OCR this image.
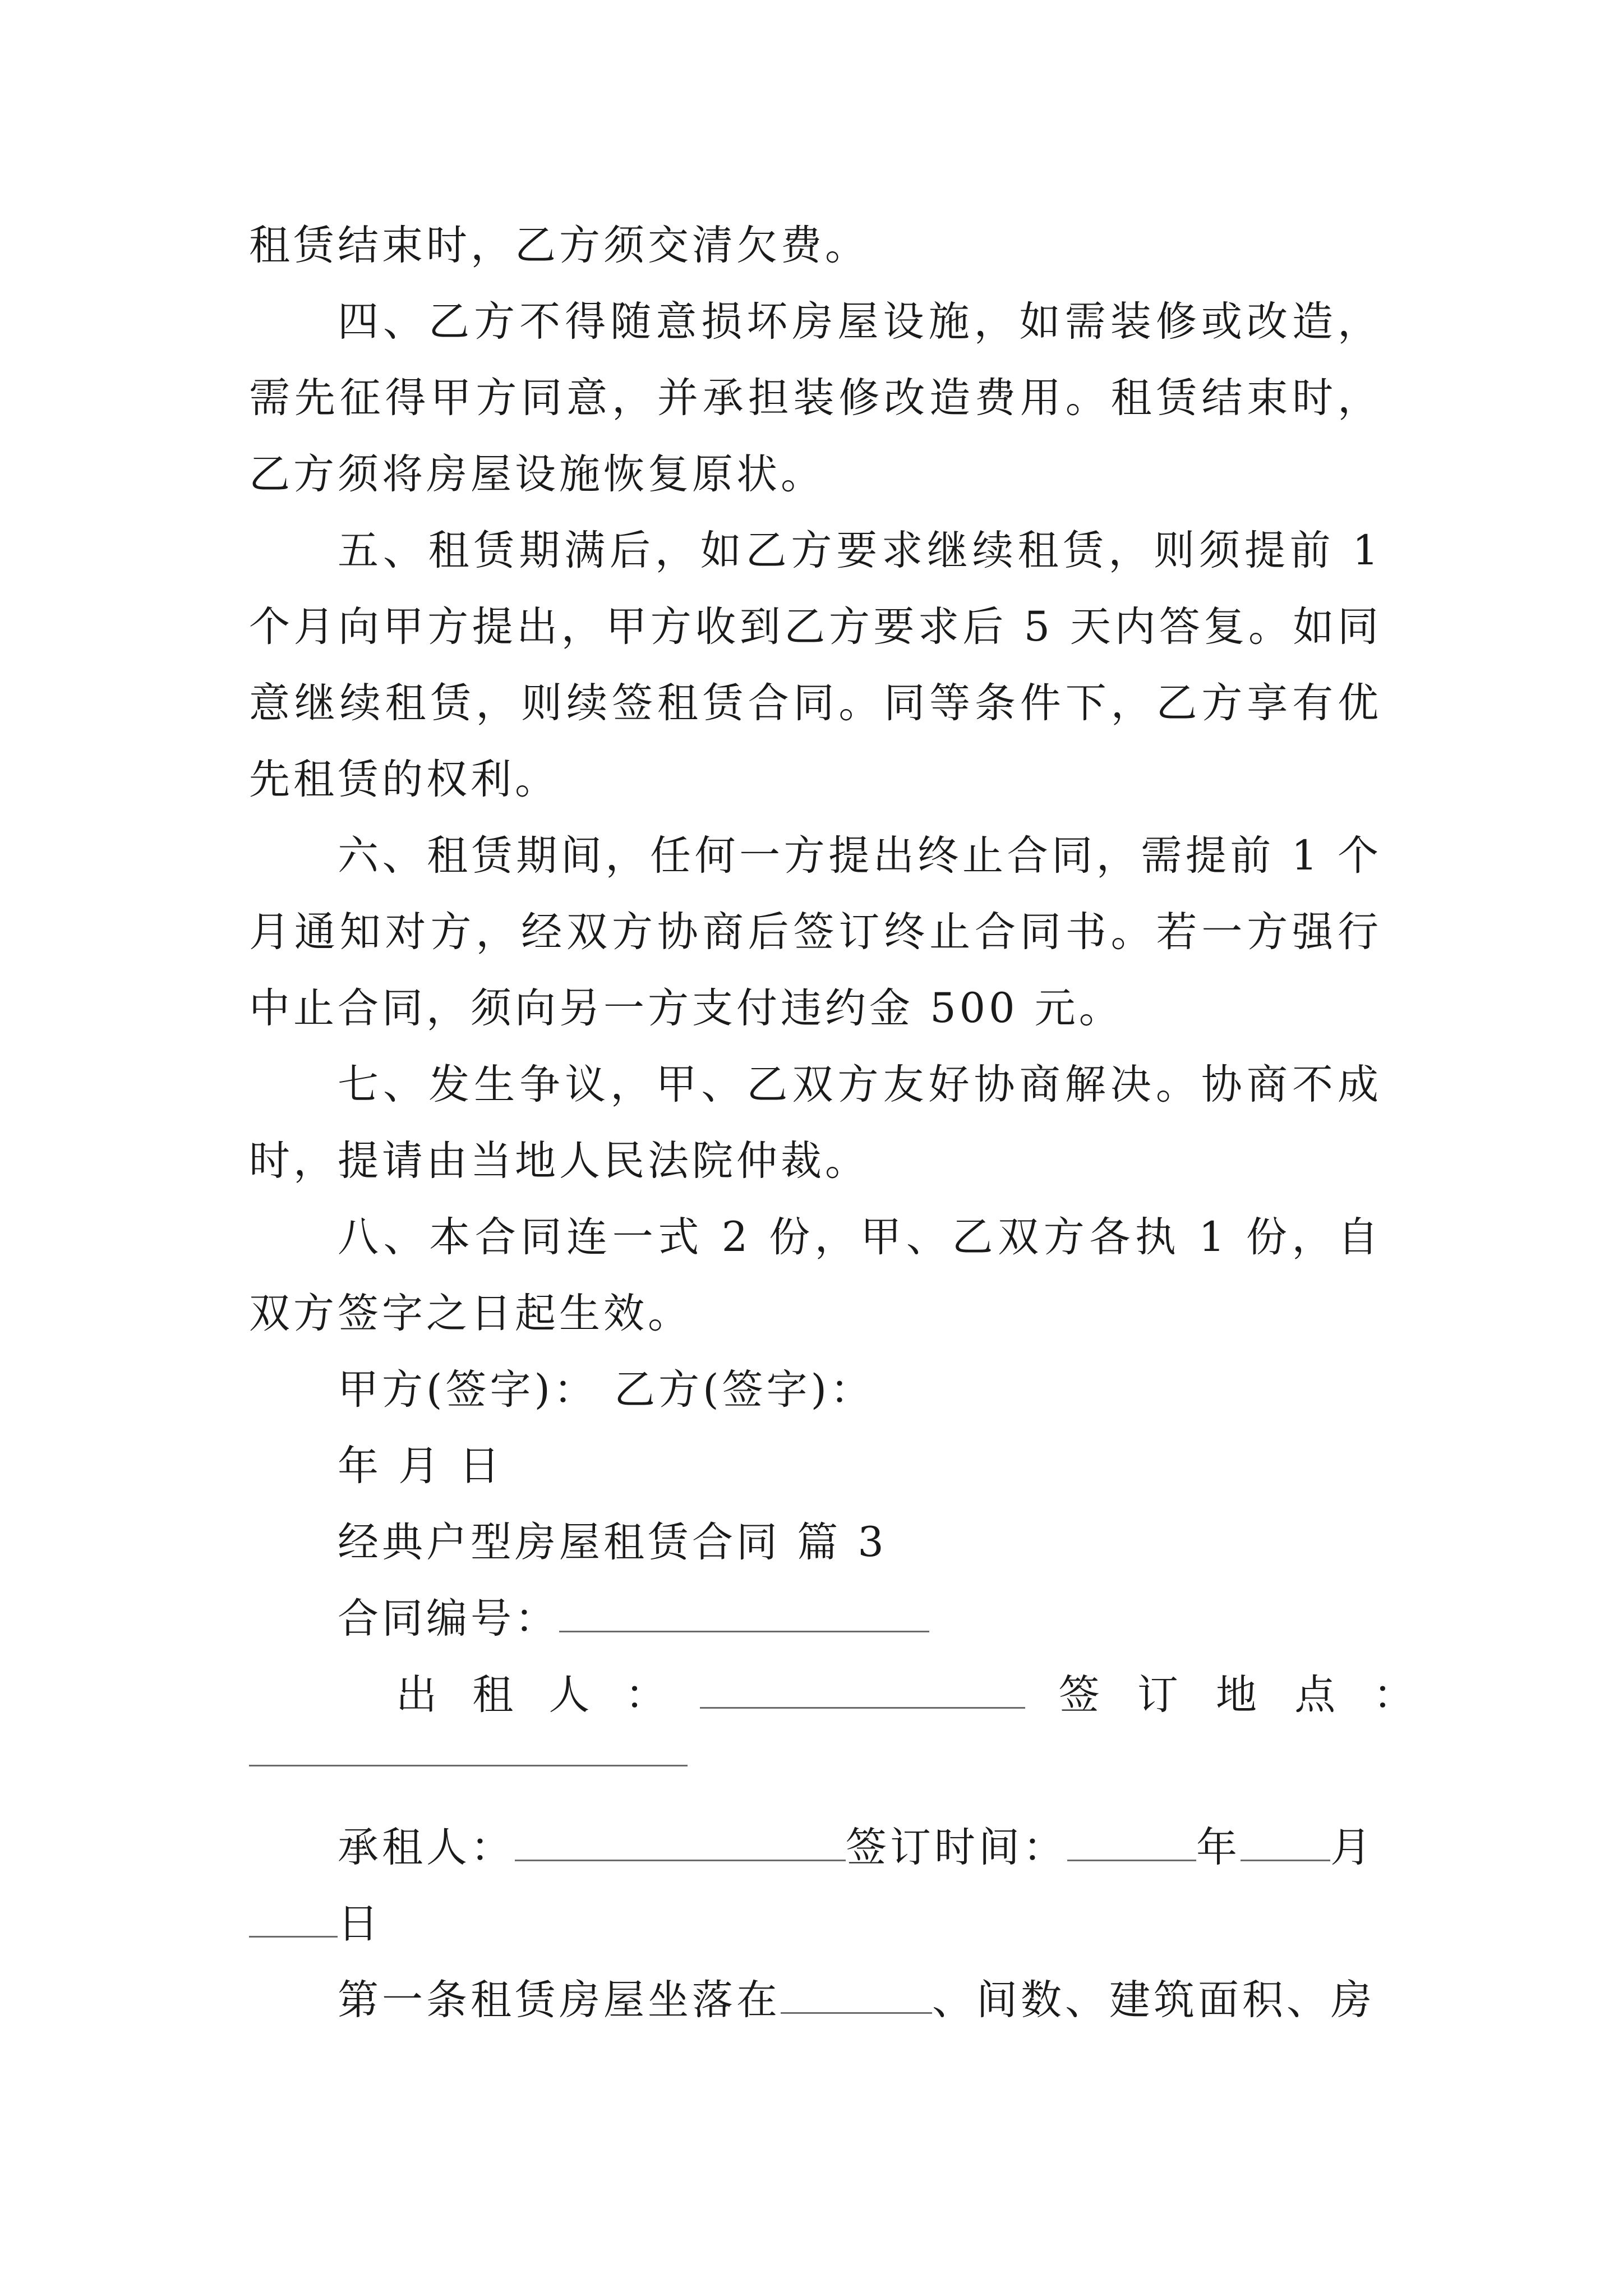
租赁结束时，乙方须交清欠费。

四、乙方不得随意损坏房屋设施，如需装修或改造，需先征得甲方同意，并承担装修改造费用。租赁结束时，乙方须将房屋设施恢复原状。

五、租赁期满后，如乙方要求继续租赁，则须提前 1 个月向甲方提出，甲方收到乙方要求后 5 天内答复。如同意继续租赁，则续签租赁合同。同等条件下，乙方享有优先租赁的权利。

六、租赁期间，任何一方提出终止合同，需提前 1 个月通知对方，经双方协商后签订终止合同书。若一方强行中止合同，须向另一方支付违约金 500 元。

七、发生争议，甲、乙双方友好协商解决。协商不成时，提请由当地人民法院仲裁。

八、本合同连一式 2 份，甲、乙双方各执 1 份，自双方签字之日起生效。

甲方(签字)： 乙方(签字)：

年 月 日

经典户型房屋租赁合同 篇 3

合同编号：

出 租 人 ：	签 订 地 点 ：

承租人：	签订时间：	年 月

日

第一条租赁房屋坐落在	、间数、建筑面积、房
